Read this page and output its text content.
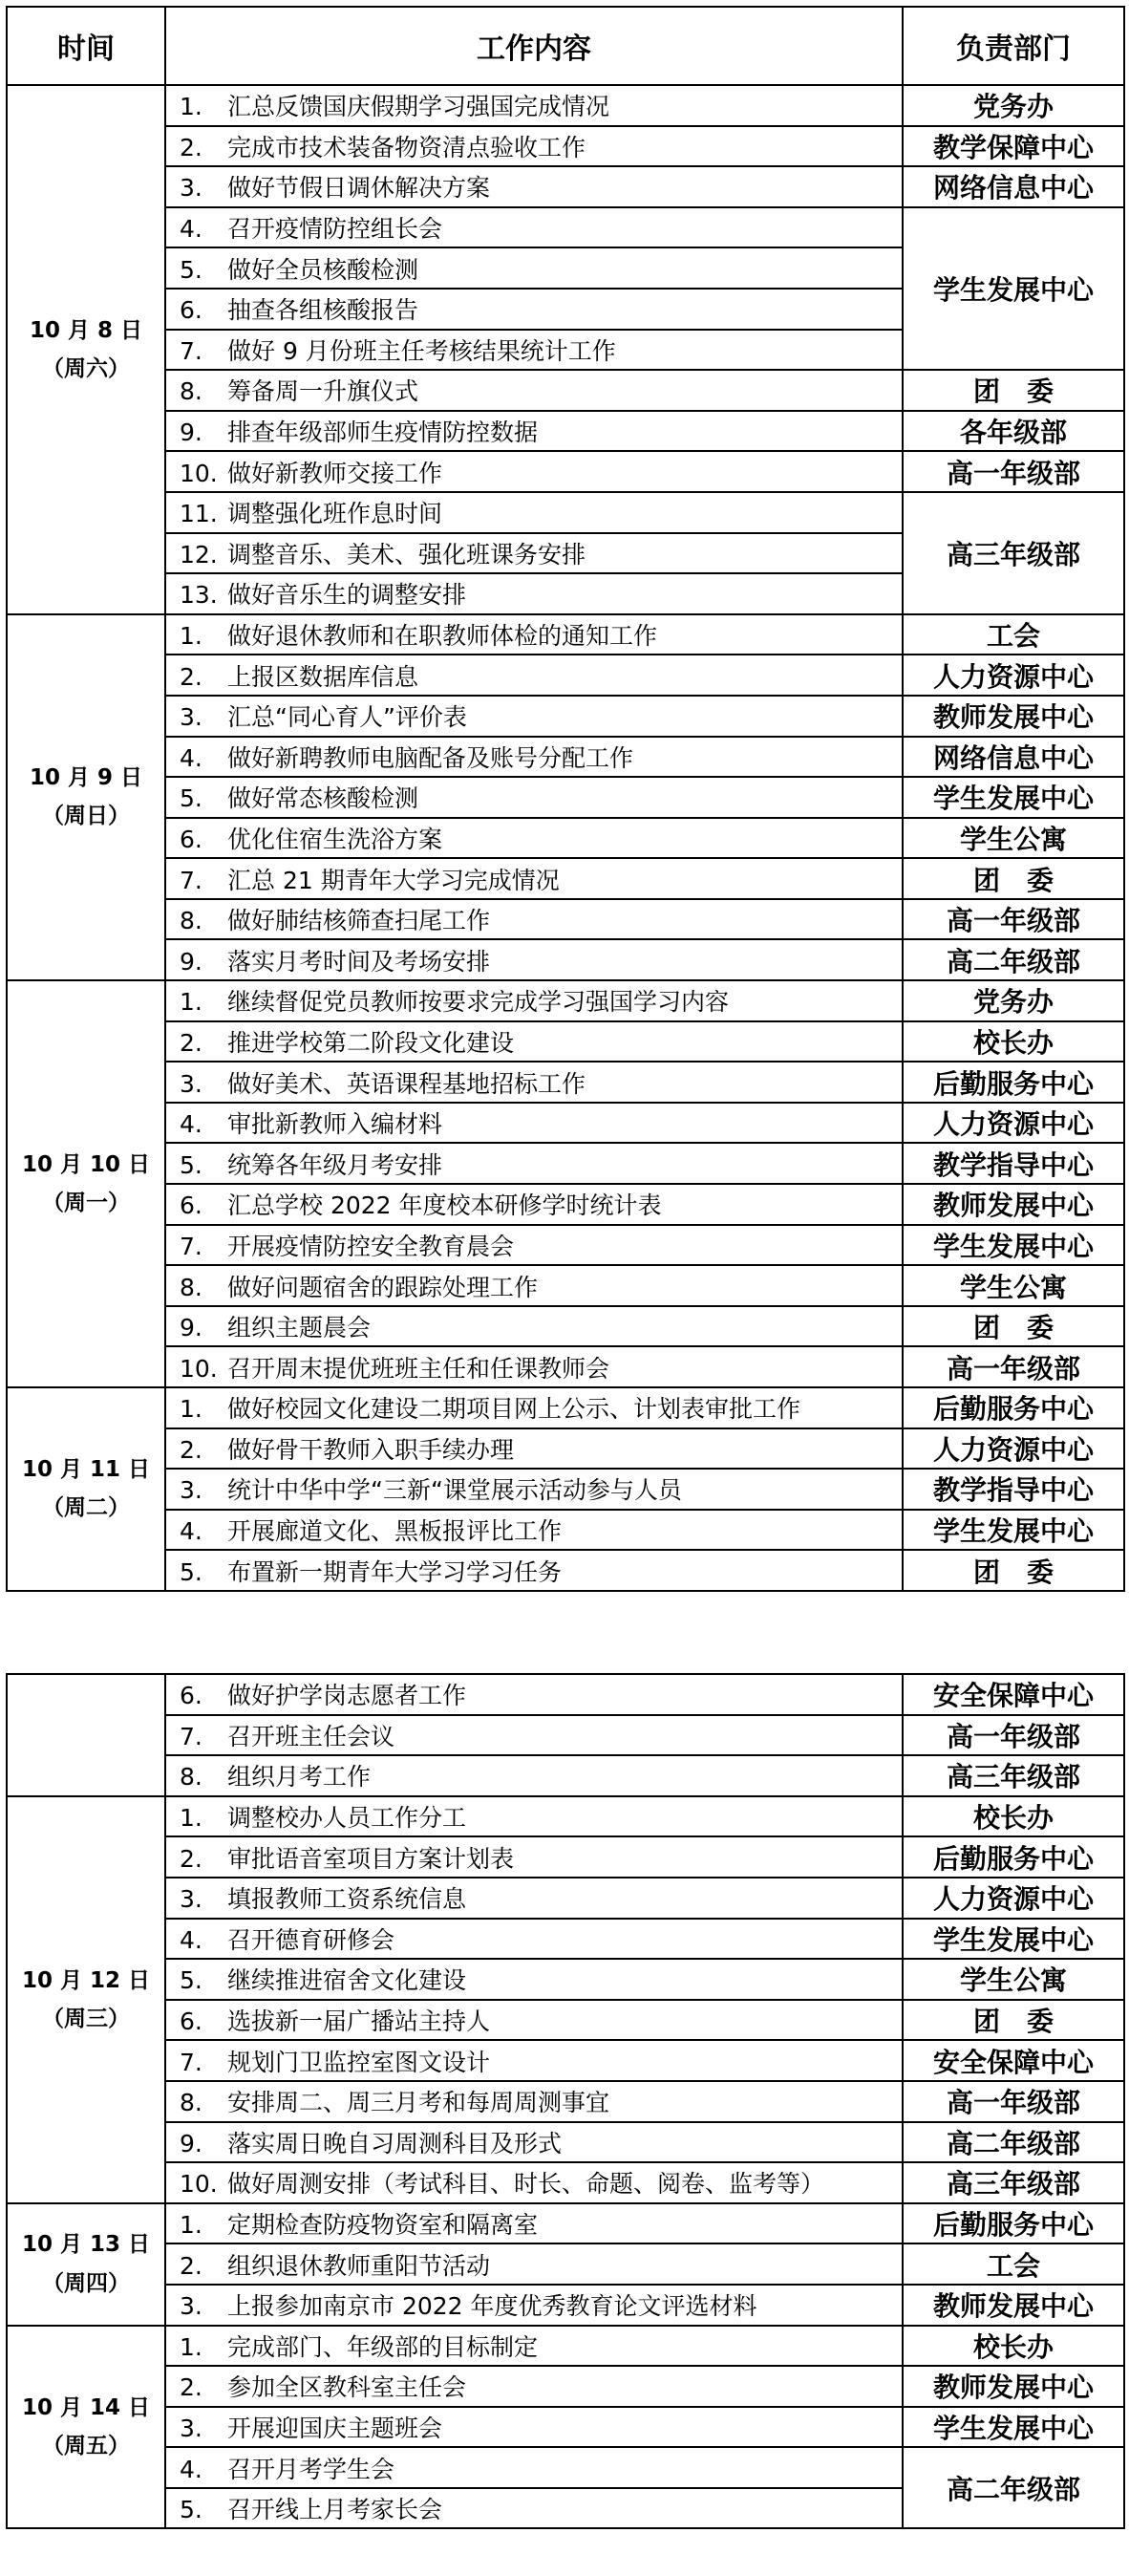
时间	工作内容	负责部门
10 月 8 日
（周六）	1. 汇总反馈国庆假期学习强国完成情况	党务办
	2. 完成市技术装备物资清点验收工作	教学保障中心
	3. 做好节假日调休解决方案	网络信息中心
	4. 召开疫情防控组长会	学生发展中心
	5. 做好全员核酸检测	
	6. 抽查各组核酸报告	
	7. 做好 9 月份班主任考核结果统计工作	
	8. 筹备周一升旗仪式	团　委
	9. 排查年级部师生疫情防控数据	各年级部
	10. 做好新教师交接工作	高一年级部
	11. 调整强化班作息时间	高三年级部
	12. 调整音乐、美术、强化班课务安排	
	13. 做好音乐生的调整安排	
10 月 9 日
（周日）	1. 做好退休教师和在职教师体检的通知工作	工会
	2. 上报区数据库信息	人力资源中心
	3. 汇总“同心育人”评价表	教师发展中心
	4. 做好新聘教师电脑配备及账号分配工作	网络信息中心
	5. 做好常态核酸检测	学生发展中心
	6. 优化住宿生洗浴方案	学生公寓
	7. 汇总 21 期青年大学习完成情况	团　委
	8. 做好肺结核筛查扫尾工作	高一年级部
	9. 落实月考时间及考场安排	高二年级部
10 月 10 日
（周一）	1. 继续督促党员教师按要求完成学习强国学习内容	党务办
	2. 推进学校第二阶段文化建设	校长办
	3. 做好美术、英语课程基地招标工作	后勤服务中心
	4. 审批新教师入编材料	人力资源中心
	5. 统筹各年级月考安排	教学指导中心
	6. 汇总学校 2022 年度校本研修学时统计表	教师发展中心
	7. 开展疫情防控安全教育晨会	学生发展中心
	8. 做好问题宿舍的跟踪处理工作	学生公寓
	9. 组织主题晨会	团　委
	10. 召开周末提优班班主任和任课教师会	高一年级部
10 月 11 日
（周二）	1. 做好校园文化建设二期项目网上公示、计划表审批工作	后勤服务中心
	2. 做好骨干教师入职手续办理	人力资源中心
	3. 统计中华中学“三新“课堂展示活动参与人员	教学指导中心
	4. 开展廊道文化、黑板报评比工作	学生发展中心
	5. 布置新一期青年大学习学习任务	团　委
	6. 做好护学岗志愿者工作	安全保障中心
	7. 召开班主任会议	高一年级部
	8. 组织月考工作	高三年级部
10 月 12 日
（周三）	1. 调整校办人员工作分工	校长办
	2. 审批语音室项目方案计划表	后勤服务中心
	3. 填报教师工资系统信息	人力资源中心
	4. 召开德育研修会	学生发展中心
	5. 继续推进宿舍文化建设	学生公寓
	6. 选拔新一届广播站主持人	团　委
	7. 规划门卫监控室图文设计	安全保障中心
	8. 安排周二、周三月考和每周周测事宜	高一年级部
	9. 落实周日晚自习周测科目及形式	高二年级部
	10. 做好周测安排（考试科目、时长、命题、阅卷、监考等）	高三年级部
10 月 13 日
（周四）	1. 定期检查防疫物资室和隔离室	后勤服务中心
	2. 组织退休教师重阳节活动	工会
	3. 上报参加南京市 2022 年度优秀教育论文评选材料	教师发展中心
10 月 14 日
（周五）	1. 完成部门、年级部的目标制定	校长办
	2. 参加全区教科室主任会	教师发展中心
	3. 开展迎国庆主题班会	学生发展中心
	4. 召开月考学生会	高二年级部
	5. 召开线上月考家长会	
